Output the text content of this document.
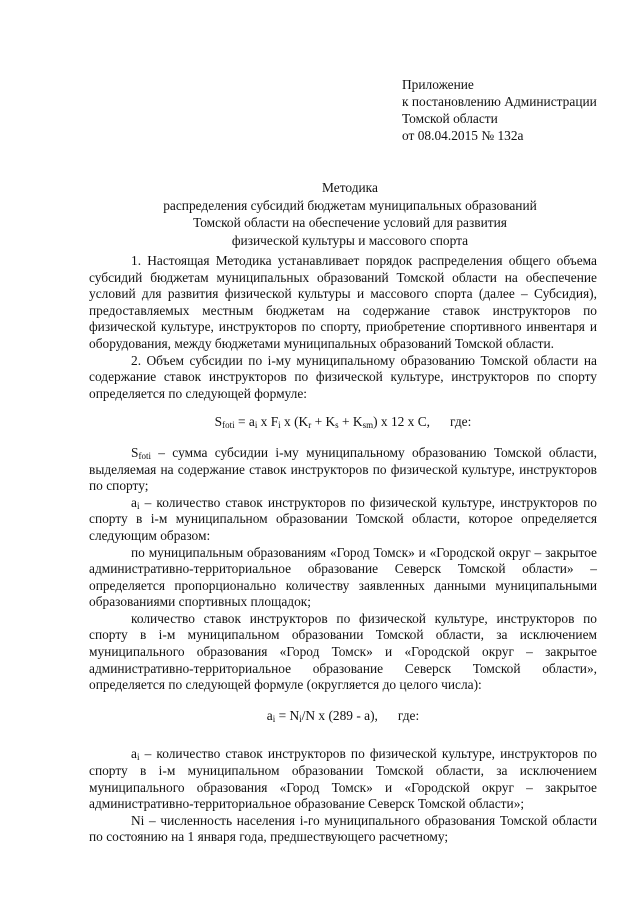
Приложение
к постановлению Администрации
Томской области
от 08.04.2015 № 132а
Методика
распределения субсидий бюджетам муниципальных образований
Томской области на обеспечение условий для развития
физической культуры и массового спорта

1. Настоящая Методика устанавливает порядок распределения общего объема субсидий бюджетам муниципальных образований Томской области на обеспечение условий для развития физической культуры и массового спорта (далее – Субсидия), предоставляемых местным бюджетам на содержание ставок инструкторов по физической культуре, инструкторов по спорту, приобретение спортивного инвентаря и оборудования, между бюджетами муниципальных образований Томской области.

2. Объем субсидии по i-му муниципальному образованию Томской области на содержание ставок инструкторов по физической культуре, инструкторов по спорту определяется по следующей формуле:

$S_{foti} = a_i$ x $F_i$ x $(K_r + K_s + K_{sm})$ x 12 x С, где:

$S_{foti}$ – сумма субсидии i-му муниципальному образованию Томской области, выделяемая на содержание ставок инструкторов по физической культуре, инструкторов по спорту;

$a_i$ – количество ставок инструкторов по физической культуре, инструкторов по спорту в i-м муниципальном образовании Томской области, которое определяется следующим образом:

по муниципальным образованиям «Город Томск» и «Городской округ – закрытое административно-территориальное образование Северск Томской области» – определяется пропорционально количеству заявленных данными муниципальными образованиями спортивных площадок;

количество ставок инструкторов по физической культуре, инструкторов по спорту в i-м муниципальном образовании Томской области, за исключением муниципального образования «Город Томск» и «Городской округ – закрытое административно-территориальное образование Северск Томской области», определяется по следующей формуле (округляется до целого числа):

$a_i = N_i/N$ x (289 - a), где:

$a_i$ – количество ставок инструкторов по физической культуре, инструкторов по спорту в i-м муниципальном образовании Томской области, за исключением муниципального образования «Город Томск» и «Городской округ – закрытое административно-территориальное образование Северск Томской области»;

Ni – численность населения i-го муниципального образования Томской области по состоянию на 1 января года, предшествующего расчетному;
